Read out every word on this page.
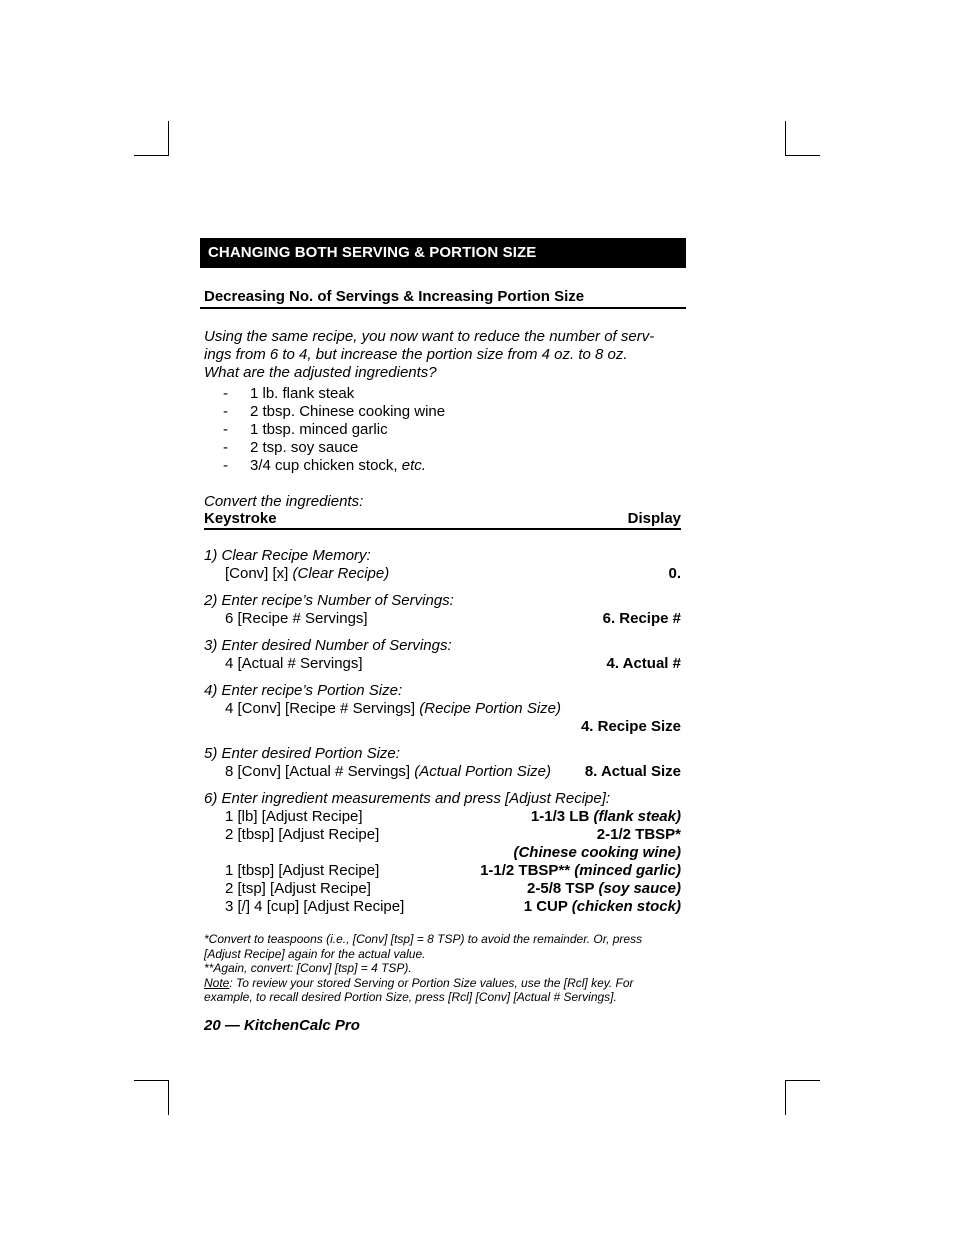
CHANGING BOTH SERVING & PORTION SIZE
Decreasing No. of Servings & Increasing Portion Size
Using the same recipe, you now want to reduce the number of serv-
ings from 6 to 4, but increase the portion size from 4 oz. to 8 oz.
What are the adjusted ingredients?
- 1 lb. flank steak
- 2 tbsp. Chinese cooking wine
- 1 tbsp. minced garlic
- 2 tsp. soy sauce
- 3/4 cup chicken stock, etc.
Convert the ingredients:
Keystroke	Display
1) Clear Recipe Memory:
[Conv] [x] (Clear Recipe)	0.
2) Enter recipe’s Number of Servings:
6 [Recipe # Servings]	6. Recipe #
3) Enter desired Number of Servings:
4 [Actual # Servings]	4. Actual #
4) Enter recipe’s Portion Size:
4 [Conv] [Recipe # Servings] (Recipe Portion Size)
4. Recipe Size
5) Enter desired Portion Size:
8 [Conv] [Actual # Servings] (Actual Portion Size) 8. Actual Size
6) Enter ingredient measurements and press [Adjust Recipe]:
1 [lb] [Adjust Recipe]	1-1/3 LB (flank steak)
2 [tbsp] [Adjust Recipe]	2-1/2 TBSP*
(Chinese cooking wine)
1 [tbsp] [Adjust Recipe]	1-1/2 TBSP** (minced garlic)
2 [tsp] [Adjust Recipe]	2-5/8 TSP (soy sauce)
3 [/] 4 [cup] [Adjust Recipe]	1 CUP (chicken stock)
*Convert to teaspoons (i.e., [Conv] [tsp] = 8 TSP) to avoid the remainder. Or, press
[Adjust Recipe] again for the actual value.
**Again, convert: [Conv] [tsp] = 4 TSP).
Note: To review your stored Serving or Portion Size values, use the [Rcl] key. For
example, to recall desired Portion Size, press [Rcl] [Conv] [Actual # Servings].
20 — KitchenCalc Pro
